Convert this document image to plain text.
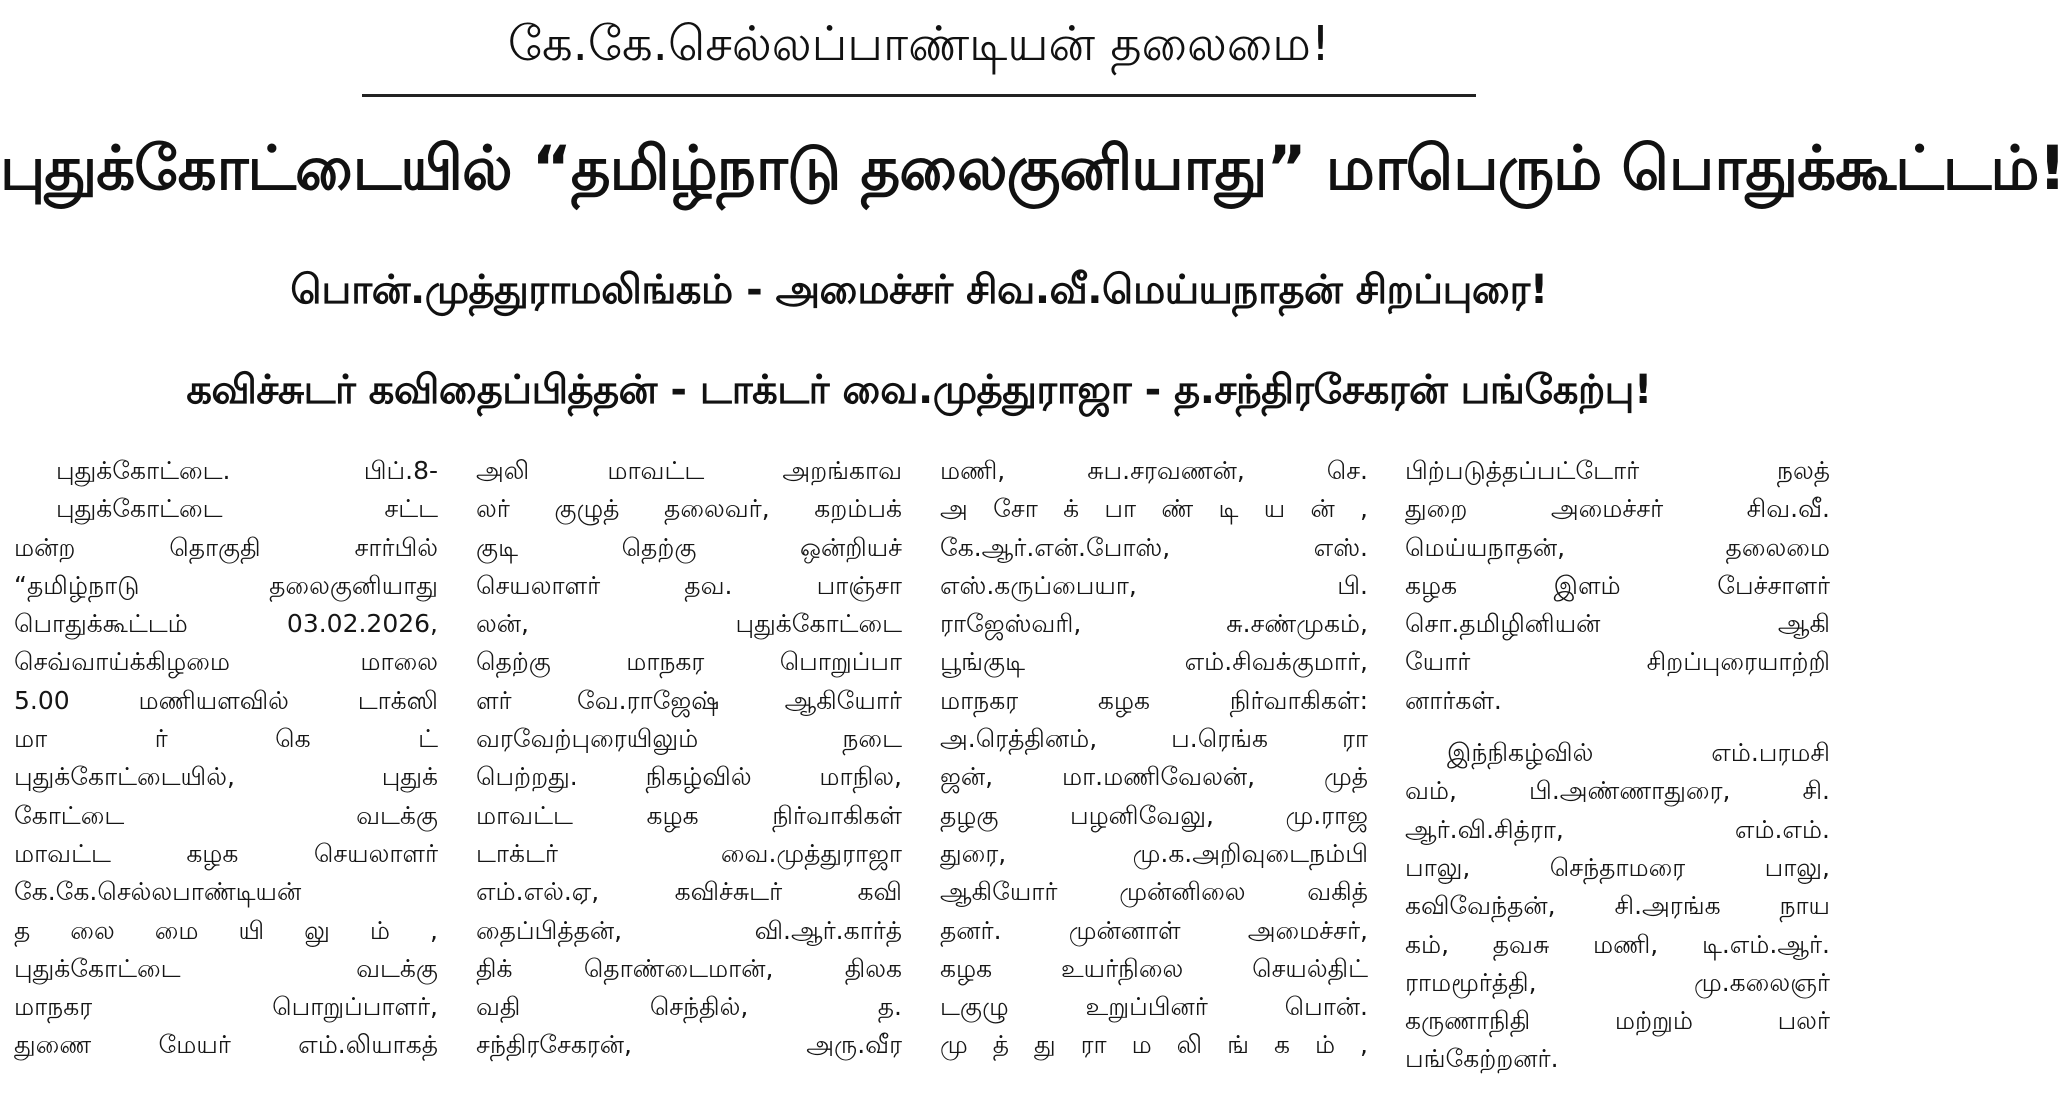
கே.கே.செல்லப்பாண்டியன் தலைமை!
புதுக்கோட்டையில் “தமிழ்நாடு தலைகுனியாது” மாபெரும் பொதுக்கூட்டம்!
பொன்.முத்துராமலிங்கம் - அமைச்சர் சிவ.வீ.மெய்யநாதன் சிறப்புரை!
கவிச்சுடர் கவிதைப்பித்தன் - டாக்டர் வை.முத்துராஜா - த.சந்திரசேகரன் பங்கேற்பு!

புதுக்கோட்டை. பிப்.8-

புதுக்கோட்டை சட்ட

மன்ற தொகுதி சார்பில்

“தமிழ்நாடு தலைகுனியாது

பொதுக்கூட்டம் 03.02.2026,

செவ்வாய்க்கிழமை மாலை

5.00 மணியளவில் டாக்ஸி

மா ர் கெ ட்

புதுக்கோட்டையில், புதுக்

கோட்டை வடக்கு

மாவட்ட கழக செயலாளர்

கே.கே.செல்லபாண்டியன்

த லை மை யி லு ம் ,

புதுக்கோட்டை வடக்கு

மாநகர பொறுப்பாளர்,

துணை மேயர் எம்.லியாகத்

அலி மாவட்ட அறங்காவ

லர் குழுத் தலைவர், கறம்பக்

குடி தெற்கு ஒன்றியச்

செயலாளர் தவ. பாஞ்சா

லன், புதுக்கோட்டை

தெற்கு மாநகர பொறுப்பா

ளர் வே.ராஜேஷ் ஆகியோர்

வரவேற்புரையிலும் நடை

பெற்றது. நிகழ்வில் மாநில,

மாவட்ட கழக நிர்வாகிகள்

டாக்டர் வை.முத்துராஜா

எம்.எல்.ஏ, கவிச்சுடர் கவி

தைப்பித்தன், வி.ஆர்.கார்த்

திக் தொண்டைமான், திலக

வதி செந்தில், த.

சந்திரசேகரன், அரு.வீர

மணி, சுப.சரவணன், செ.

அ சோ க் பா ண் டி ய ன் ,

கே.ஆர்.என்.போஸ், எஸ்.

எஸ்.கருப்பையா, பி.

ராஜேஸ்வரி, சு.சண்முகம்,

பூங்குடி எம்.சிவக்குமார்,

மாநகர கழக நிர்வாகிகள்:

அ.ரெத்தினம், ப.ரெங்க ரா

ஜன், மா.மணிவேலன், முத்

தழகு பழனிவேலு, மு.ராஜ

துரை, மு.க.அறிவுடைநம்பி

ஆகியோர் முன்னிலை வகித்

தனர். முன்னாள் அமைச்சர்,

கழக உயர்நிலை செயல்திட்

டகுழு உறுப்பினர் பொன்.

மு த் து ரா ம லி ங் க ம் ,

பிற்படுத்தப்பட்டோர் நலத்

துறை அமைச்சர் சிவ.வீ.

மெய்யநாதன், தலைமை

கழக இளம் பேச்சாளர்

சொ.தமிழினியன் ஆகி

யோர் சிறப்புரையாற்றி

னார்கள்.

இந்நிகழ்வில் எம்.பரமசி

வம், பி.அண்ணாதுரை, சி.

ஆர்.வி.சித்ரா, எம்.எம்.

பாலு, செந்தாமரை பாலு,

கவிவேந்தன், சி.அரங்க நாய

கம், தவசு மணி, டி.எம்.ஆர்.

ராமமூர்த்தி, மு.கலைஞர்

கருணாநிதி மற்றும் பலர்

பங்கேற்றனர்.
